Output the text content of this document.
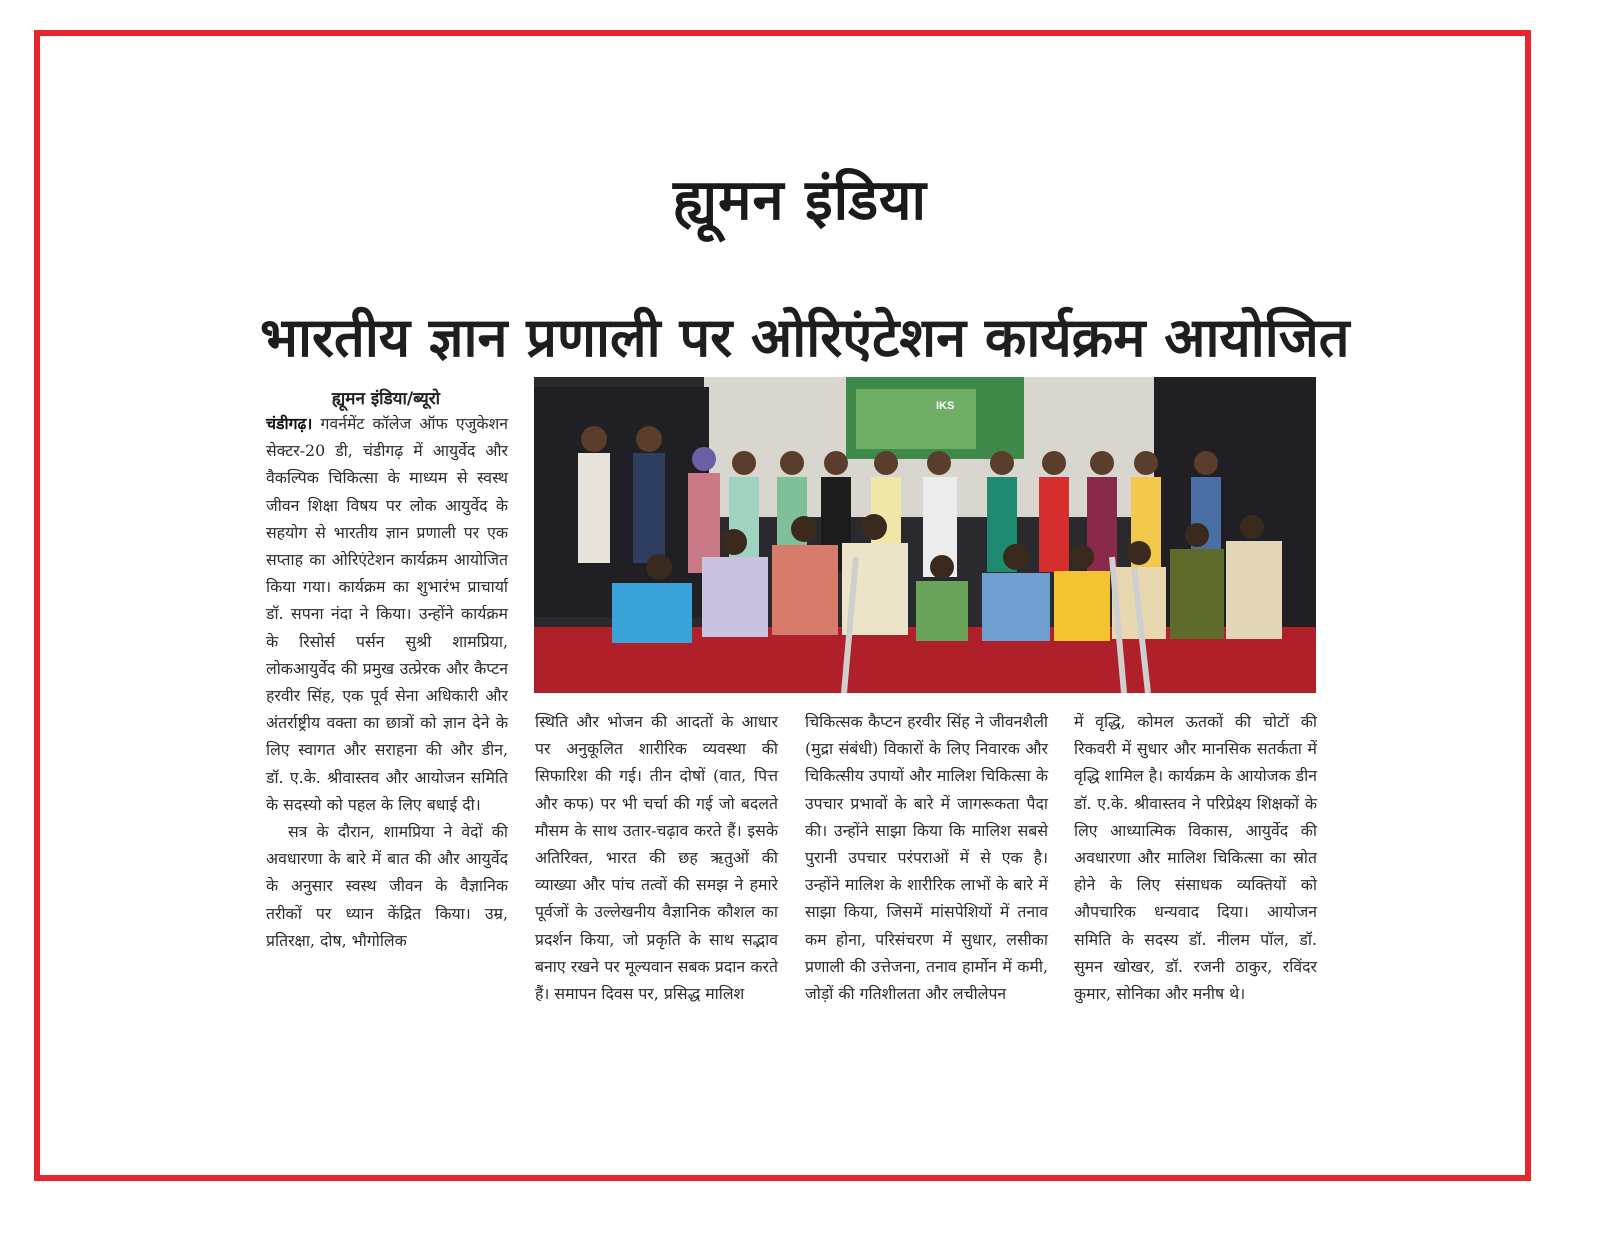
ह्यूमन इंडिया
भारतीय ज्ञान प्रणाली पर ओरिएंटेशन कार्यक्रम आयोजित
ह्यूमन इंडिया/ब्यूरो

चंडीगढ़। गवर्नमेंट कॉलेज ऑफ एजुकेशन सेक्टर-20 डी, चंडीगढ़ में आयुर्वेद और वैकल्पिक चिकित्सा के माध्यम से स्वस्थ जीवन शिक्षा विषय पर लोक आयुर्वेद के सहयोग से भारतीय ज्ञान प्रणाली पर एक सप्ताह का ओरिएंटेशन कार्यक्रम आयोजित किया गया। कार्यक्रम का शुभारंभ प्राचार्या डॉ. सपना नंदा ने किया। उन्होंने कार्यक्रम के रिसोर्स पर्सन सुश्री शामप्रिया, लोकआयुर्वेद की प्रमुख उत्प्रेरक और कैप्टन हरवीर सिंह, एक पूर्व सेना अधिकारी और अंतर्राष्ट्रीय वक्ता का छात्रों को ज्ञान देने के लिए स्वागत और सराहना की और डीन, डॉ. ए.के. श्रीवास्तव और आयोजन समिति के सदस्यो को पहल के लिए बधाई दी।

सत्र के दौरान, शामप्रिया ने वेदों की अवधारणा के बारे में बात की और आयुर्वेद के अनुसार स्वस्थ जीवन के वैज्ञानिक तरीकों पर ध्यान केंद्रित किया। उम्र, प्रतिरक्षा, दोष, भौगोलिक

IKS

स्थिति और भोजन की आदतों के आधार पर अनुकूलित शारीरिक व्यवस्था की सिफारिश की गई। तीन दोषों (वात, पित्त और कफ) पर भी चर्चा की गई जो बदलते मौसम के साथ उतार-चढ़ाव करते हैं। इसके अतिरिक्त, भारत की छह ऋतुओं की व्याख्या और पांच तत्वों की समझ ने हमारे पूर्वजों के उल्लेखनीय वैज्ञानिक कौशल का प्रदर्शन किया, जो प्रकृति के साथ सद्भाव बनाए रखने पर मूल्यवान सबक प्रदान करते हैं। समापन दिवस पर, प्रसिद्ध मालिश

चिकित्सक कैप्टन हरवीर सिंह ने जीवनशैली (मुद्रा संबंधी) विकारों के लिए निवारक और चिकित्सीय उपायों और मालिश चिकित्सा के उपचार प्रभावों के बारे में जागरूकता पैदा की। उन्होंने साझा किया कि मालिश सबसे पुरानी उपचार परंपराओं में से एक है। उन्होंने मालिश के शारीरिक लाभों के बारे में साझा किया, जिसमें मांसपेशियों में तनाव कम होना, परिसंचरण में सुधार, लसीका प्रणाली की उत्तेजना, तनाव हार्मोन में कमी, जोड़ों की गतिशीलता और लचीलेपन

में वृद्धि, कोमल ऊतकों की चोटों की रिकवरी में सुधार और मानसिक सतर्कता में वृद्धि शामिल है। कार्यक्रम के आयोजक डीन डॉ. ए.के. श्रीवास्तव ने परिप्रेक्ष्य शिक्षकों के लिए आध्यात्मिक विकास, आयुर्वेद की अवधारणा और मालिश चिकित्सा का स्रोत होने के लिए संसाधक व्यक्तियों को औपचारिक धन्यवाद दिया। आयोजन समिति के सदस्य डॉ. नीलम पॉल, डॉ. सुमन खोखर, डॉ. रजनी ठाकुर, रविंदर कुमार, सोनिका और मनीष थे।
